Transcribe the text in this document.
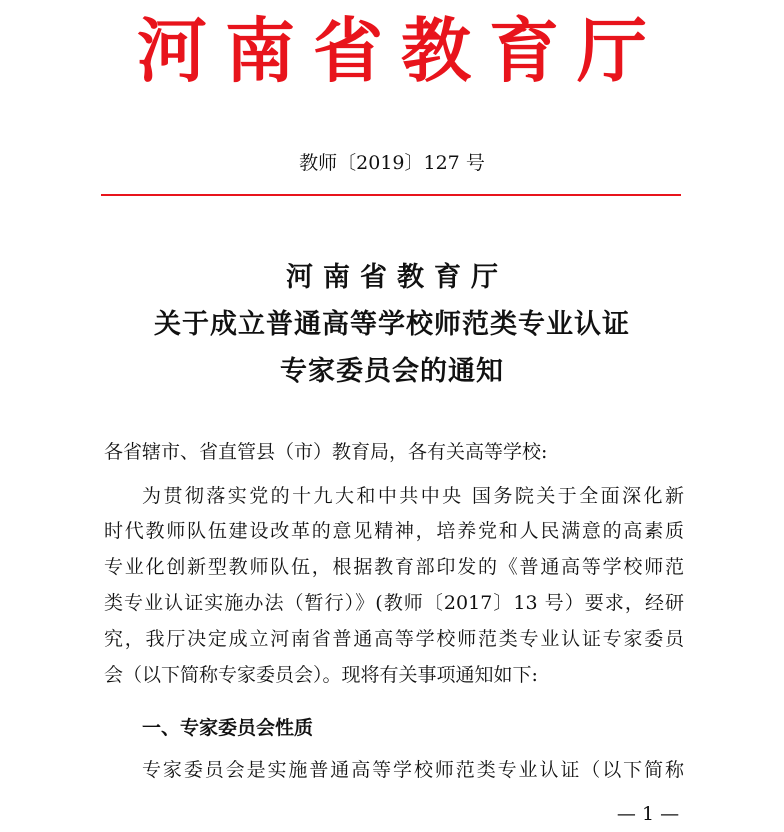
河南省教育厅
教师〔2019〕127 号
河南省教育厅
关于成立普通高等学校师范类专业认证
专家委员会的通知
各省辖市、省直管县（市）教育局，各有关高等学校:
为贯彻落实党的十九大和中共中央 国务院关于全面深化新
时代教师队伍建设改革的意见精神，培养党和人民满意的高素质
专业化创新型教师队伍，根据教育部印发的《普通高等学校师范
类专业认证实施办法（暂行）》(教师〔2017〕13 号）要求，经研
究，我厅决定成立河南省普通高等学校师范类专业认证专家委员
会（以下简称专家委员会）。现将有关事项通知如下:
一、专家委员会性质
专家委员会是实施普通高等学校师范类专业认证（以下简称
— 1 —
